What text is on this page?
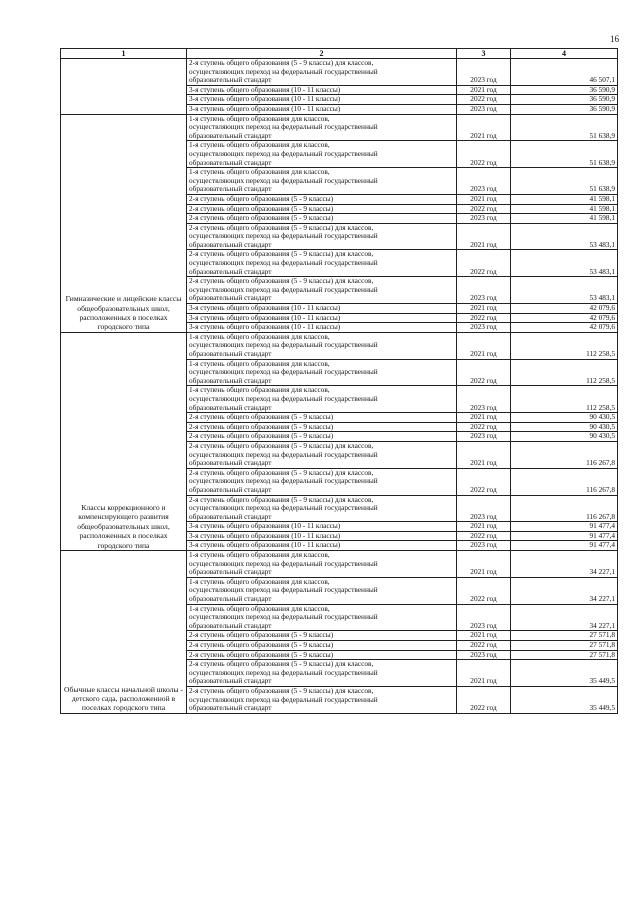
16
1	2	3	4
	2-я ступень общего образования (5 - 9 классы) для классов,
осуществляющих переход на федеральный государственный
образовательный стандарт	2023 год	46 507,1
	3-я ступень общего образования (10 - 11 классы)	2021 год	36 590,9
	3-я ступень общего образования (10 - 11 классы)	2022 год	36 590,9
	3-я ступень общего образования (10 - 11 классы)	2023 год	36 590,9
Гимназические и лицейские классы общеобразовательных школ, расположенных в поселках городского типа	1-я ступень общего образования для классов,
осуществляющих переход на федеральный государственный
образовательный стандарт	2021 год	51 638,9
	1-я ступень общего образования для классов,
осуществляющих переход на федеральный государственный
образовательный стандарт	2022 год	51 638,9
	1-я ступень общего образования для классов,
осуществляющих переход на федеральный государственный
образовательный стандарт	2023 год	51 638,9
	2-я ступень общего образования (5 - 9 классы)	2021 год	41 598,1
	2-я ступень общего образования (5 - 9 классы)	2022 год	41 598,1
	2-я ступень общего образования (5 - 9 классы)	2023 год	41 598,1
	2-я ступень общего образования (5 - 9 классы) для классов,
осуществляющих переход на федеральный государственный
образовательный стандарт	2021 год	53 483,1
	2-я ступень общего образования (5 - 9 классы) для классов,
осуществляющих переход на федеральный государственный
образовательный стандарт	2022 год	53 483,1
	2-я ступень общего образования (5 - 9 классы) для классов,
осуществляющих переход на федеральный государственный
образовательный стандарт	2023 год	53 483,1
	3-я ступень общего образования (10 - 11 классы)	2021 год	42 079,6
	3-я ступень общего образования (10 - 11 классы)	2022 год	42 079,6
	3-я ступень общего образования (10 - 11 классы)	2023 год	42 079,6
Классы коррекционного и компенсирующего развития общеобразовательных школ, расположенных в поселках городского типа	1-я ступень общего образования для классов,
осуществляющих переход на федеральный государственный
образовательный стандарт	2021 год	112 258,5
	1-я ступень общего образования для классов,
осуществляющих переход на федеральный государственный
образовательный стандарт	2022 год	112 258,5
	1-я ступень общего образования для классов,
осуществляющих переход на федеральный государственный
образовательный стандарт	2023 год	112 258,5
	2-я ступень общего образования (5 - 9 классы)	2021 год	90 430,5
	2-я ступень общего образования (5 - 9 классы)	2022 год	90 430,5
	2-я ступень общего образования (5 - 9 классы)	2023 год	90 430,5
	2-я ступень общего образования (5 - 9 классы) для классов,
осуществляющих переход на федеральный государственный
образовательный стандарт	2021 год	116 267,8
	2-я ступень общего образования (5 - 9 классы) для классов,
осуществляющих переход на федеральный государственный
образовательный стандарт	2022 год	116 267,8
	2-я ступень общего образования (5 - 9 классы) для классов,
осуществляющих переход на федеральный государственный
образовательный стандарт	2023 год	116 267,8
	3-я ступень общего образования (10 - 11 классы)	2021 год	91 477,4
	3-я ступень общего образования (10 - 11 классы)	2022 год	91 477,4
	3-я ступень общего образования (10 - 11 классы)	2023 год	91 477,4
Обычные классы начальной школы - детского сада, расположенной в поселках городского типа	1-я ступень общего образования для классов,
осуществляющих переход на федеральный государственный
образовательный стандарт	2021 год	34 227,1
	1-я ступень общего образования для классов,
осуществляющих переход на федеральный государственный
образовательный стандарт	2022 год	34 227,1
	1-я ступень общего образования для классов,
осуществляющих переход на федеральный государственный
образовательный стандарт	2023 год	34 227,1
	2-я ступень общего образования (5 - 9 классы)	2021 год	27 571,8
	2-я ступень общего образования (5 - 9 классы)	2022 год	27 571,8
	2-я ступень общего образования (5 - 9 классы)	2023 год	27 571,8
	2-я ступень общего образования (5 - 9 классы) для классов,
осуществляющих переход на федеральный государственный
образовательный стандарт	2021 год	35 449,5
	2-я ступень общего образования (5 - 9 классы) для классов,
осуществляющих переход на федеральный государственный
образовательный стандарт	2022 год	35 449,5
